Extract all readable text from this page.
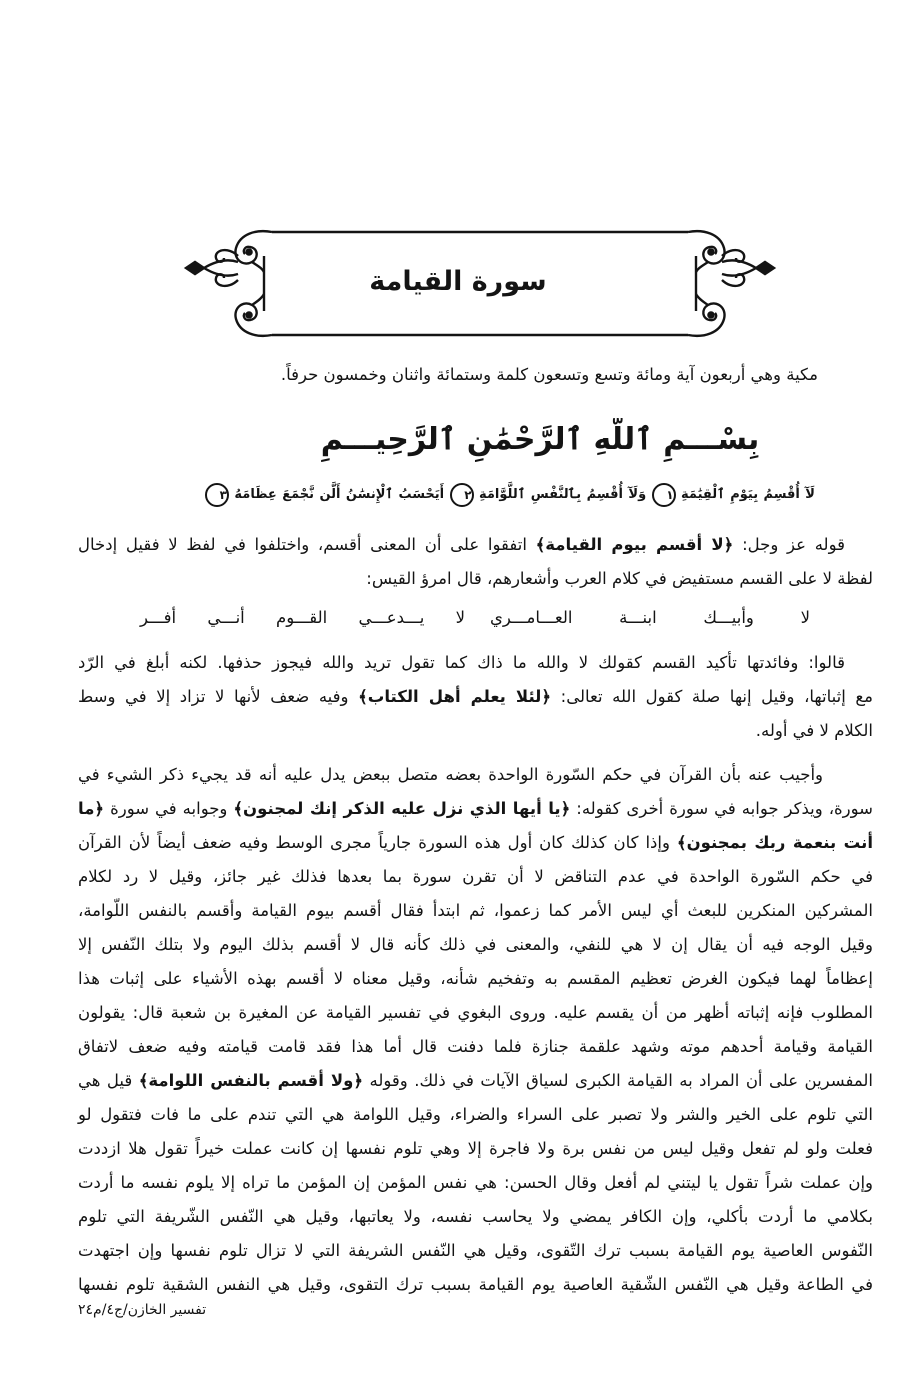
سورة القيامة
مكية وهي أربعون آية ومائة وتسع وتسعون كلمة وستمائة واثنان وخمسون حرفاً.
بِسْـــمِ ٱللَّهِ ٱلرَّحْمَٰنِ ٱلرَّحِيـــمِ
لَآ أُقْسِمُ بِيَوْمِ ٱلْقِيَٰمَةِ ١ وَلَآ أُقْسِمُ بِٱلنَّفْسِ ٱللَّوَّامَةِ ٢ أَيَحْسَبُ ٱلْإِنسَٰنُ أَلَّن نَّجْمَعَ عِظَامَهُ ٣
قوله عز وجل: ﴿لا أقسم بيوم القيامة﴾ اتفقوا على أن المعنى أقسم، واختلفوا في لفظ لا فقيل إدخال
لفظة لا على القسم مستفيض في كلام العرب وأشعارهم، قال امرؤ القيس:
لا وأبيـــك ابنـــة العـــامـــري
لا يـــدعـــي القـــوم أنـــي أفـــر
قالوا: وفائدتها تأكيد القسم كقولك لا والله ما ذاك كما تقول تريد والله فيجوز حذفها. لكنه أبلغ في الرّد
مع إثباتها، وقيل إنها صلة كقول الله تعالى: ﴿لئلا يعلم أهل الكتاب﴾ وفيه ضعف لأنها لا تزاد إلا في وسط
الكلام لا في أوله.
وأجيب عنه بأن القرآن في حكم السّورة الواحدة بعضه متصل ببعض يدل عليه أنه قد يجيء ذكر الشيء في
سورة، ويذكر جوابه في سورة أخرى كقوله: ﴿يا أيها الذي نزل عليه الذكر إنك لمجنون﴾ وجوابه في سورة ﴿ما
أنت بنعمة ربك بمجنون﴾ وإذا كان كذلك كان أول هذه السورة جارياً مجرى الوسط وفيه ضعف أيضاً لأن القرآن
في حكم السّورة الواحدة في عدم التناقض لا أن تقرن سورة بما بعدها فذلك غير جائز، وقيل لا رد لكلام
المشركين المنكرين للبعث أي ليس الأمر كما زعموا، ثم ابتدأ فقال أقسم بيوم القيامة وأقسم بالنفس اللّوامة،
وقيل الوجه فيه أن يقال إن لا هي للنفي، والمعنى في ذلك كأنه قال لا أقسم بذلك اليوم ولا بتلك النّفس إلا
إعظاماً لهما فيكون الغرض تعظيم المقسم به وتفخيم شأنه، وقيل معناه لا أقسم بهذه الأشياء على إثبات هذا
المطلوب فإنه إثباته أظهر من أن يقسم عليه. وروى البغوي في تفسير القيامة عن المغيرة بن شعبة قال: يقولون
القيامة وقيامة أحدهم موته وشهد علقمة جنازة فلما دفنت قال أما هذا فقد قامت قيامته وفيه ضعف لاتفاق
المفسرين على أن المراد به القيامة الكبرى لسياق الآيات في ذلك. وقوله ﴿ولا أقسم بالنفس اللوامة﴾ قيل هي
التي تلوم على الخير والشر ولا تصبر على السراء والضراء، وقيل اللوامة هي التي تندم على ما فات فتقول لو
فعلت ولو لم تفعل وقيل ليس من نفس برة ولا فاجرة إلا وهي تلوم نفسها إن كانت عملت خيراً تقول هلا ازددت
وإن عملت شراً تقول يا ليتني لم أفعل وقال الحسن: هي نفس المؤمن إن المؤمن ما تراه إلا يلوم نفسه ما أردت
بكلامي ما أردت بأكلي، وإن الكافر يمضي ولا يحاسب نفسه، ولا يعاتبها، وقيل هي النّفس الشّريفة التي تلوم
النّفوس العاصية يوم القيامة بسبب ترك التّقوى، وقيل هي النّفس الشريفة التي لا تزال تلوم نفسها وإن اجتهدت
في الطاعة وقيل هي النّفس الشّقية العاصية يوم القيامة بسبب ترك التقوى، وقيل هي النفس الشقية تلوم نفسها
تفسير الخازن/ج٤/م٢٤
